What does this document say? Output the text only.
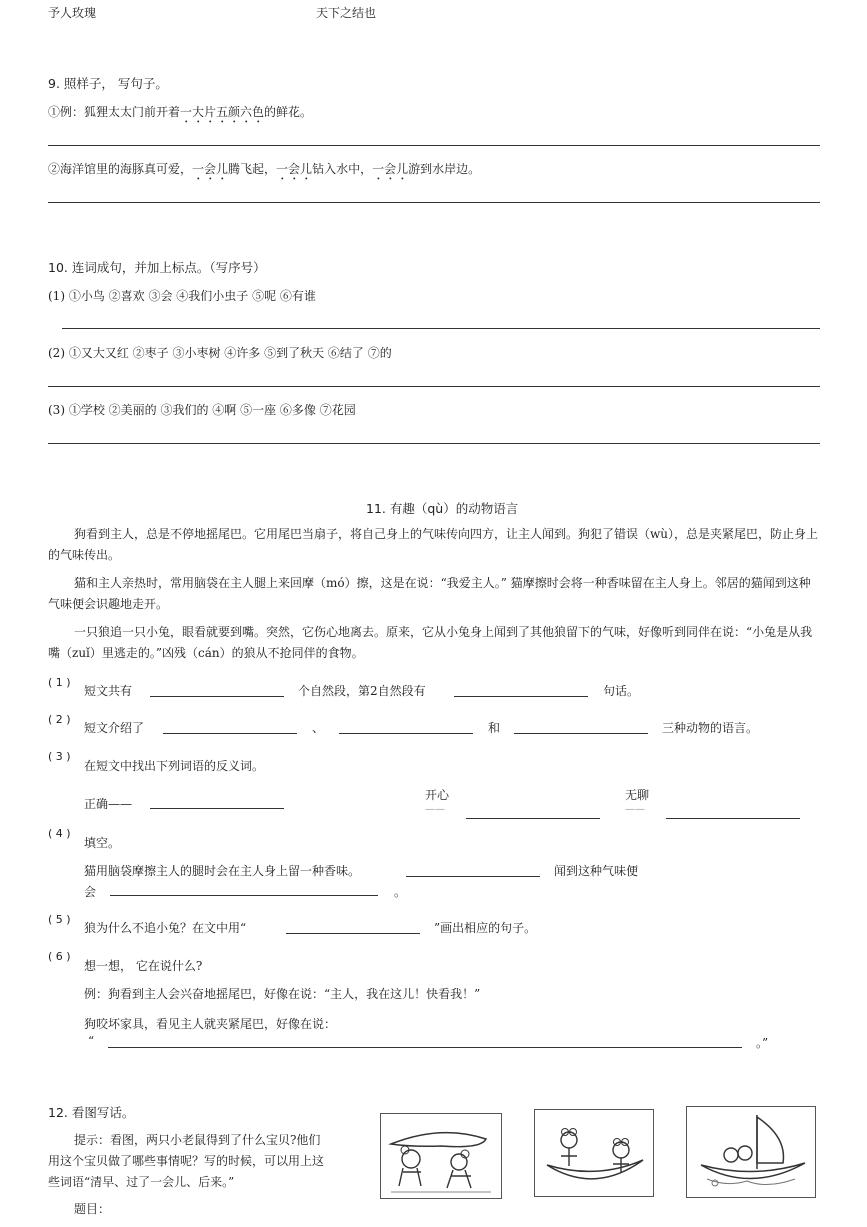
予人玫瑰	天下之结也
9. 照样子， 写句子。
①例：狐狸太太门前开着一大片五颜六色的鲜花。
②海洋馆里的海豚真可爱，一会儿腾飞起，一会儿钻入水中，一会儿游到水岸边。
10. 连词成句，并加上标点。（写序号）
(1) ①小鸟 ②喜欢 ③会 ④我们小虫子 ⑤呢 ⑥有谁
(2) ①又大又红 ②枣子 ③小枣树 ④许多 ⑤到了秋天 ⑥结了 ⑦的
(3) ①学校 ②美丽的 ③我们的 ④啊 ⑤一座 ⑥多像 ⑦花园
11. 有趣（qù）的动物语言
狗看到主人，总是不停地摇尾巴。它用尾巴当扇子，将自己身上的气味传向四方，让主人闻到。狗犯了错误（wù），总是夹紧尾巴，防止身上的气味传出。
猫和主人亲热时，常用脑袋在主人腿上来回摩（mó）擦，这是在说：“我爱主人。” 猫摩擦时会将一种香味留在主人身上。邻居的猫闻到这种气味便会识趣地走开。
一只狼追一只小兔，眼看就要到嘴。突然，它伤心地离去。原来，它从小兔身上闻到了其他狼留下的气味，好像听到同伴在说：“小兔是从我嘴（zuǐ）里逃走的。”凶残（cán）的狼从不抢同伴的食物。
( 1 )
短文共有	个自然段，第2自然段有	句话。
( 2 )
短文介绍了	、	和	三种动物的语言。
( 3 )
在短文中找出下列词语的反义词。
正确——
开心
——
无聊
——
( 4 )
填空。
猫用脑袋摩擦主人的腿时会在主人身上留一种香味。	闻到这种气味便
会	。
( 5 )
狼为什么不追小兔？在文中用“	”画出相应的句子。
( 6 )
想一想， 它在说什么?
例：狗看到主人会兴奋地摇尾巴，好像在说：“主人，我在这儿！快看我！”
狗咬坏家具，看见主人就夹紧尾巴，好像在说：
“	。”
12. 看图写话。
提示：看图，两只小老鼠得到了什么宝贝?他们
用这个宝贝做了哪些事情呢？写的时候，可以用上这
些词语“清早、过了一会儿、后来。”
题目：
